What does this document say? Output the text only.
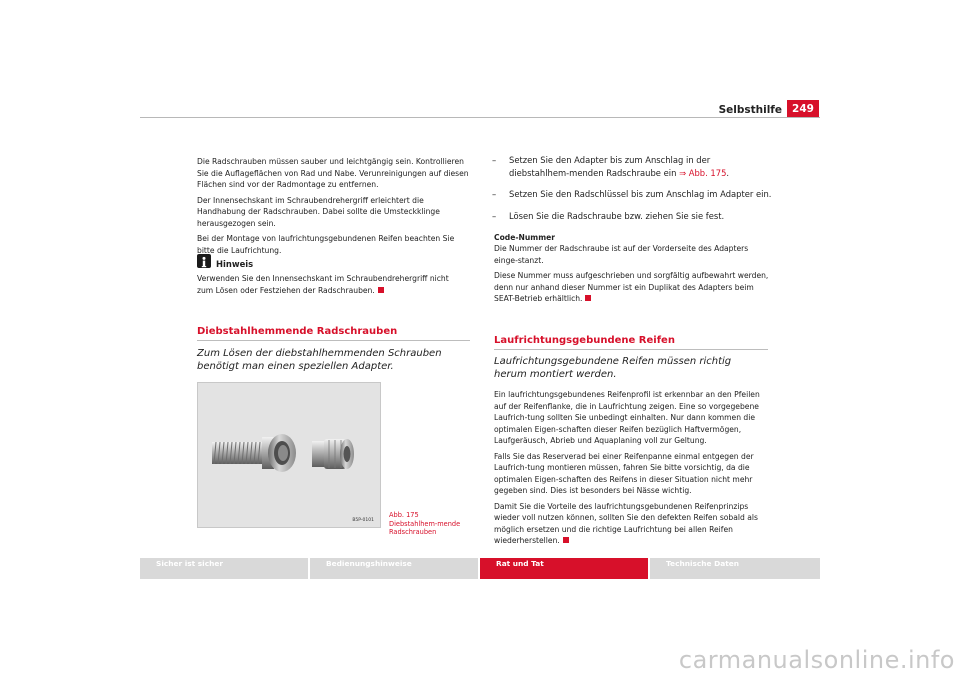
Selbsthilfe 249
Die Radschrauben müssen sauber und leichtgängig sein. Kontrollieren Sie die Auflageflächen von Rad und Nabe. Verunreinigungen auf diesen Flächen sind vor der Radmontage zu entfernen.
Der Innensechskant im Schraubendrehergriff erleichtert die Handhabung der Radschrauben. Dabei sollte die Umsteckklinge herausgezogen sein.
Bei der Montage von laufrichtungsgebundenen Reifen beachten Sie bitte die Laufrichtung.
Hinweis
Verwenden Sie den Innensechskant im Schraubendrehergriff nicht zum Lösen oder Festziehen der Radschrauben.
Diebstahlhemmende Radschrauben
Zum Lösen der diebstahlhemmenden Schrauben benötigt man einen speziellen Adapter.
B5P-0101
Abb. 175 Diebstahlhem-mende Radschrauben
– Setzen Sie den Adapter bis zum Anschlag in der diebstahlhem-menden Radschraube ein ⇒ Abb. 175.
– Setzen Sie den Radschlüssel bis zum Anschlag im Adapter ein.
– Lösen Sie die Radschraube bzw. ziehen Sie sie fest.
Code-Nummer
Die Nummer der Radschraube ist auf der Vorderseite des Adapters einge-stanzt.
Diese Nummer muss aufgeschrieben und sorgfältig aufbewahrt werden, denn nur anhand dieser Nummer ist ein Duplikat des Adapters beim SEAT-Betrieb erhältlich.
Laufrichtungsgebundene Reifen
Laufrichtungsgebundene Reifen müssen richtig herum montiert werden.
Ein laufrichtungsgebundenes Reifenprofil ist erkennbar an den Pfeilen auf der Reifenflanke, die in Laufrichtung zeigen. Eine so vorgegebene Laufrich-tung sollten Sie unbedingt einhalten. Nur dann kommen die optimalen Eigen-schaften dieser Reifen bezüglich Haftvermögen, Laufgeräusch, Abrieb und Aquaplaning voll zur Geltung.
Falls Sie das Reserverad bei einer Reifenpanne einmal entgegen der Laufrich-tung montieren müssen, fahren Sie bitte vorsichtig, da die optimalen Eigen-schaften des Reifens in dieser Situation nicht mehr gegeben sind. Dies ist besonders bei Nässe wichtig.
Damit Sie die Vorteile des laufrichtungsgebundenen Reifenprinzips wieder voll nutzen können, sollten Sie den defekten Reifen sobald als möglich ersetzen und die richtige Laufrichtung bei allen Reifen wiederherstellen.
Sicher ist sicher	Bedienungshinweise	Rat und Tat	Technische Daten
carmanualsonline.info
